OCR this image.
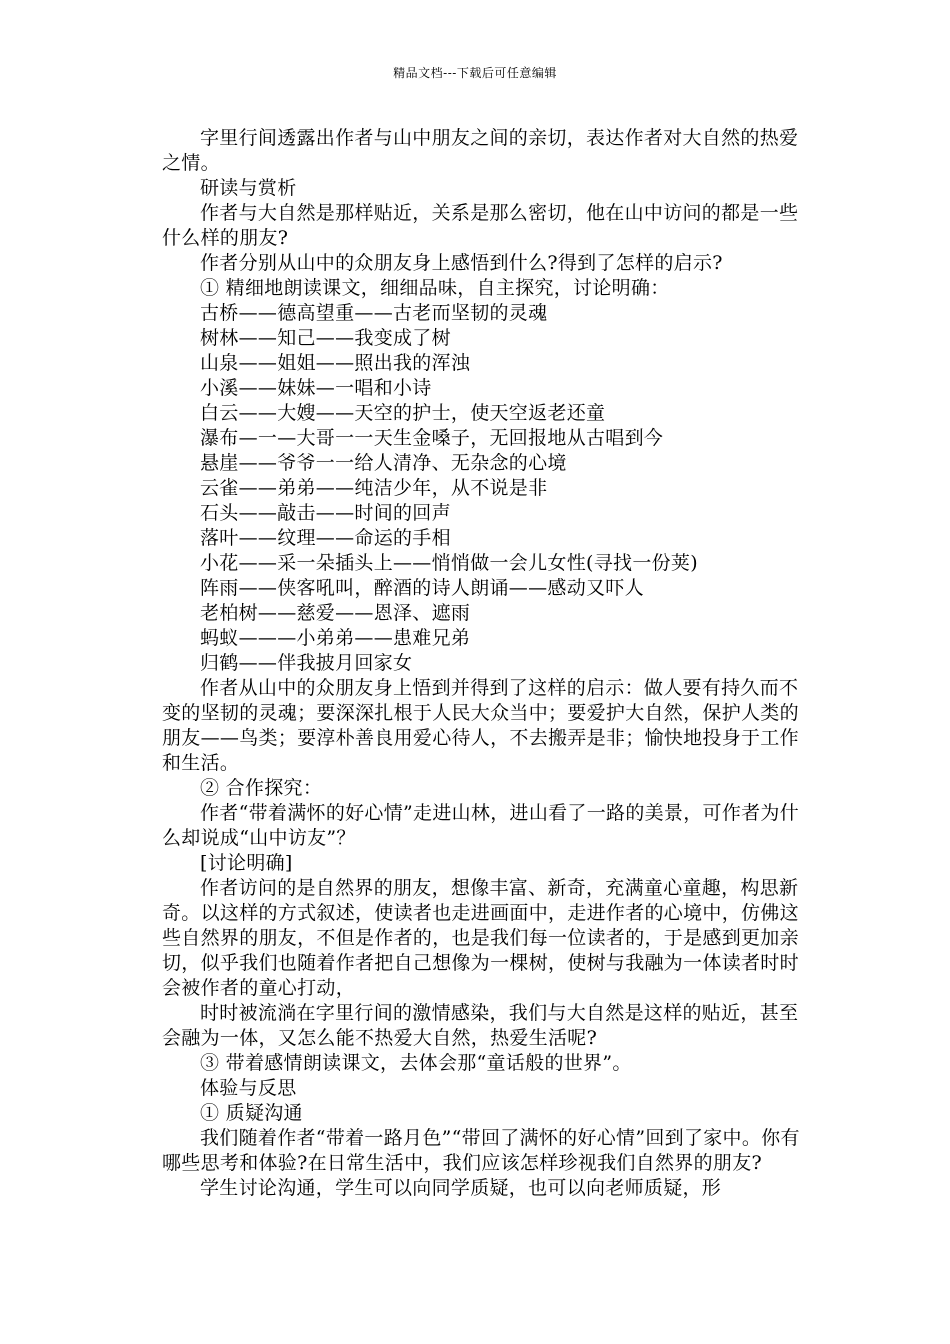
精品文档---下载后可任意编辑

字里行间透露出作者与山中朋友之间的亲切，表达作者对大自然的热爱之情。

研读与赏析

作者与大自然是那样贴近，关系是那么密切，他在山中访问的都是一些什么样的朋友?

作者分别从山中的众朋友身上感悟到什么?得到了怎样的启示?

① 精细地朗读课文，细细品味，自主探究，讨论明确：

古桥——德高望重——古老而坚韧的灵魂

树林——知己——我变成了树

山泉——姐姐——照出我的浑浊

小溪——妹妹—一唱和小诗

白云——大嫂——天空的护士，使天空返老还童

瀑布—一—大哥一一天生金嗓子，无回报地从古唱到今

悬崖——爷爷一一给人清净、无杂念的心境

云雀——弟弟——纯洁少年，从不说是非

石头——敲击——时间的回声

落叶——纹理——命运的手相

小花——采一朵插头上——悄悄做一会儿女性(寻找一份荚)

阵雨——侠客吼叫，醉酒的诗人朗诵——感动又吓人

老柏树——慈爱——恩泽、遮雨

蚂蚁———小弟弟——患难兄弟

归鹤——伴我披月回家女

作者从山中的众朋友身上悟到并得到了这样的启示：做人要有持久而不变的坚韧的灵魂；要深深扎根于人民大众当中；要爱护大自然，保护人类的朋友——鸟类；要淳朴善良用爱心待人，不去搬弄是非；愉快地投身于工作和生活。

② 合作探究：

作者“带着满怀的好心情”走进山林，进山看了一路的美景，可作者为什么却说成“山中访友”？

[讨论明确]

作者访问的是自然界的朋友，想像丰富、新奇，充满童心童趣，构思新奇。以这样的方式叙述，使读者也走进画面中，走进作者的心境中，仿佛这些自然界的朋友，不但是作者的，也是我们每一位读者的，于是感到更加亲切，似乎我们也随着作者把自己想像为一棵树，使树与我融为一体读者时时会被作者的童心打动，

时时被流淌在字里行间的激情感染，我们与大自然是这样的贴近，甚至会融为一体，又怎么能不热爱大自然，热爱生活呢?

③ 带着感情朗读课文，去体会那“童话般的世界”。

体验与反思

① 质疑沟通

我们随着作者“带着一路月色”“带回了满怀的好心情”回到了家中。你有哪些思考和体验?在日常生活中，我们应该怎样珍视我们自然界的朋友?

学生讨论沟通，学生可以向同学质疑，也可以向老师质疑，形
